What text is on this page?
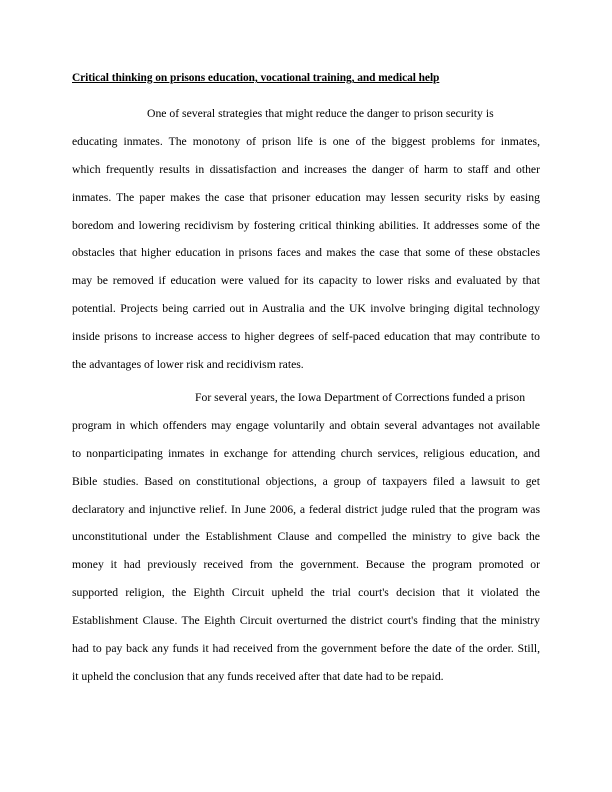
Critical thinking on prisons education, vocational training, and medical help
One of several strategies that might reduce the danger to prison security is
educating inmates. The monotony of prison life is one of the biggest problems for inmates,
which frequently results in dissatisfaction and increases the danger of harm to staff and other
inmates. The paper makes the case that prisoner education may lessen security risks by easing
boredom and lowering recidivism by fostering critical thinking abilities. It addresses some of the
obstacles that higher education in prisons faces and makes the case that some of these obstacles
may be removed if education were valued for its capacity to lower risks and evaluated by that
potential. Projects being carried out in Australia and the UK involve bringing digital technology
inside prisons to increase access to higher degrees of self-paced education that may contribute to
the advantages of lower risk and recidivism rates.
For several years, the Iowa Department of Corrections funded a prison
program in which offenders may engage voluntarily and obtain several advantages not available
to nonparticipating inmates in exchange for attending church services, religious education, and
Bible studies. Based on constitutional objections, a group of taxpayers filed a lawsuit to get
declaratory and injunctive relief. In June 2006, a federal district judge ruled that the program was
unconstitutional under the Establishment Clause and compelled the ministry to give back the
money it had previously received from the government. Because the program promoted or
supported religion, the Eighth Circuit upheld the trial court's decision that it violated the
Establishment Clause. The Eighth Circuit overturned the district court's finding that the ministry
had to pay back any funds it had received from the government before the date of the order. Still,
it upheld the conclusion that any funds received after that date had to be repaid.
